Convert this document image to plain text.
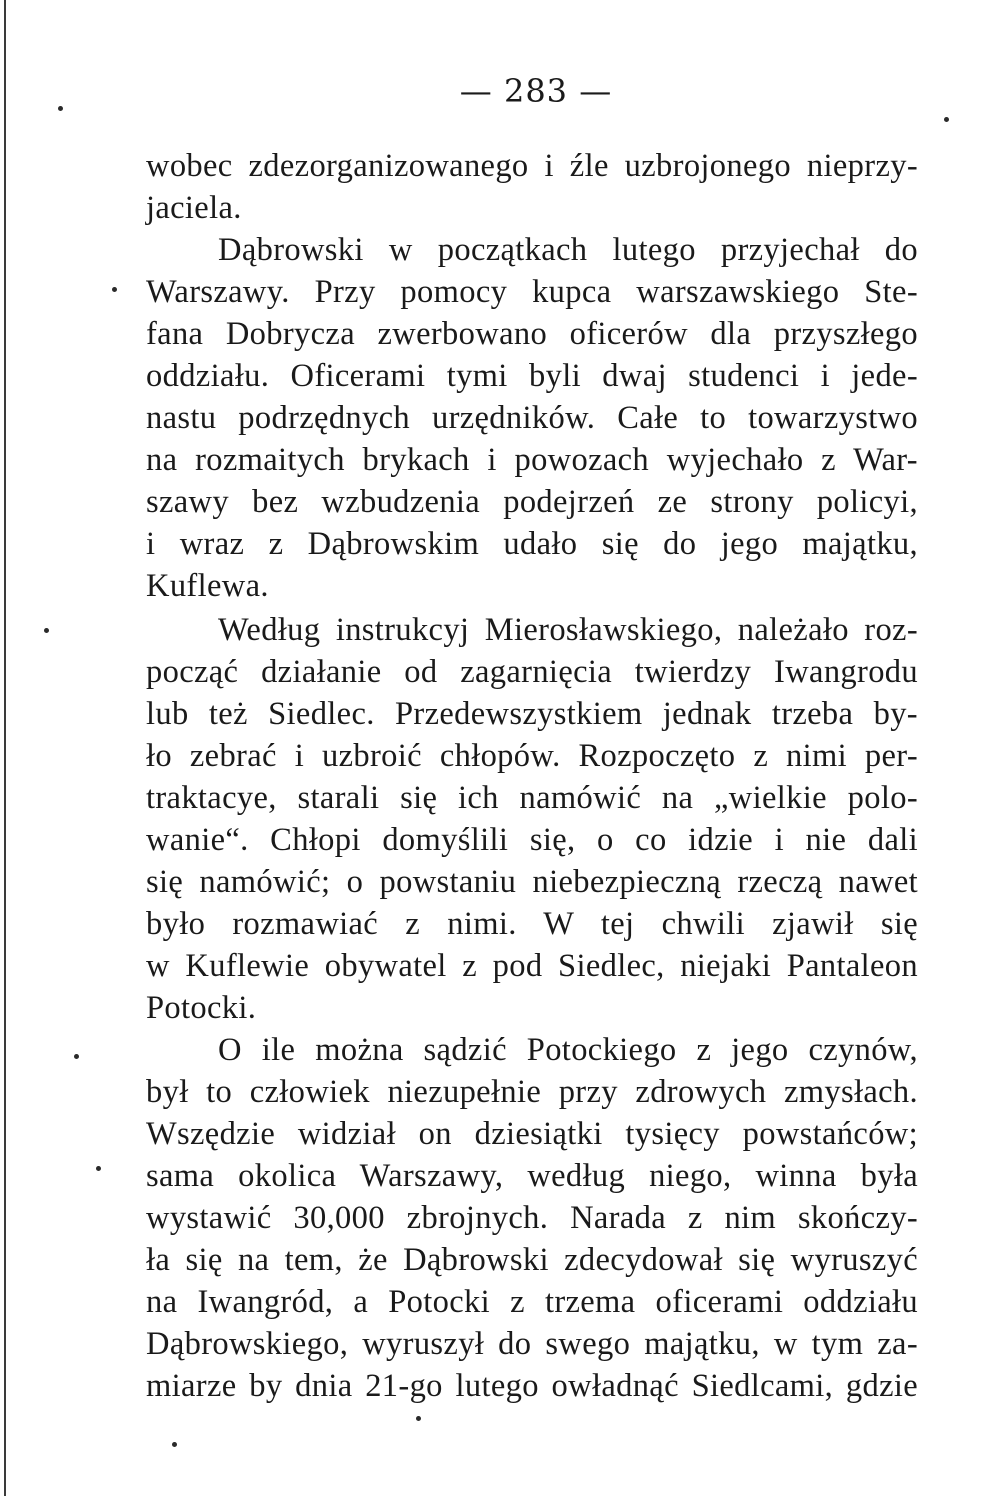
— 283 —
wobec zdezorganizowanego i źle uzbrojonego nieprzy-
jaciela.
Dąbrowski w początkach lutego przyjechał do
Warszawy. Przy pomocy kupca warszawskiego Ste-
fana Dobrycza zwerbowano oficerów dla przyszłego
oddziału. Oficerami tymi byli dwaj studenci i jede-
nastu podrzędnych urzędników. Całe to towarzystwo
na rozmaitych brykach i powozach wyjechało z War-
szawy bez wzbudzenia podejrzeń ze strony policyi,
i wraz z Dąbrowskim udało się do jego majątku,
Kuflewa.
Według instrukcyj Mierosławskiego, należało roz-
począć działanie od zagarnięcia twierdzy Iwangrodu
lub też Siedlec. Przedewszystkiem jednak trzeba by-
ło zebrać i uzbroić chłopów. Rozpoczęto z nimi per-
traktacye, starali się ich namówić na „wielkie polo-
wanie“. Chłopi domyślili się, o co idzie i nie dali
się namówić; o powstaniu niebezpieczną rzeczą nawet
było rozmawiać z nimi. W tej chwili zjawił się
w Kuflewie obywatel z pod Siedlec, niejaki Pantaleon
Potocki.
O ile można sądzić Potockiego z jego czynów,
był to człowiek niezupełnie przy zdrowych zmysłach.
Wszędzie widział on dziesiątki tysięcy powstańców;
sama okolica Warszawy, według niego, winna była
wystawić 30,000 zbrojnych. Narada z nim skończy-
ła się na tem, że Dąbrowski zdecydował się wyruszyć
na Iwangród, a Potocki z trzema oficerami oddziału
Dąbrowskiego, wyruszył do swego majątku, w tym za-
miarze by dnia 21-go lutego owładnąć Siedlcami, gdzie
